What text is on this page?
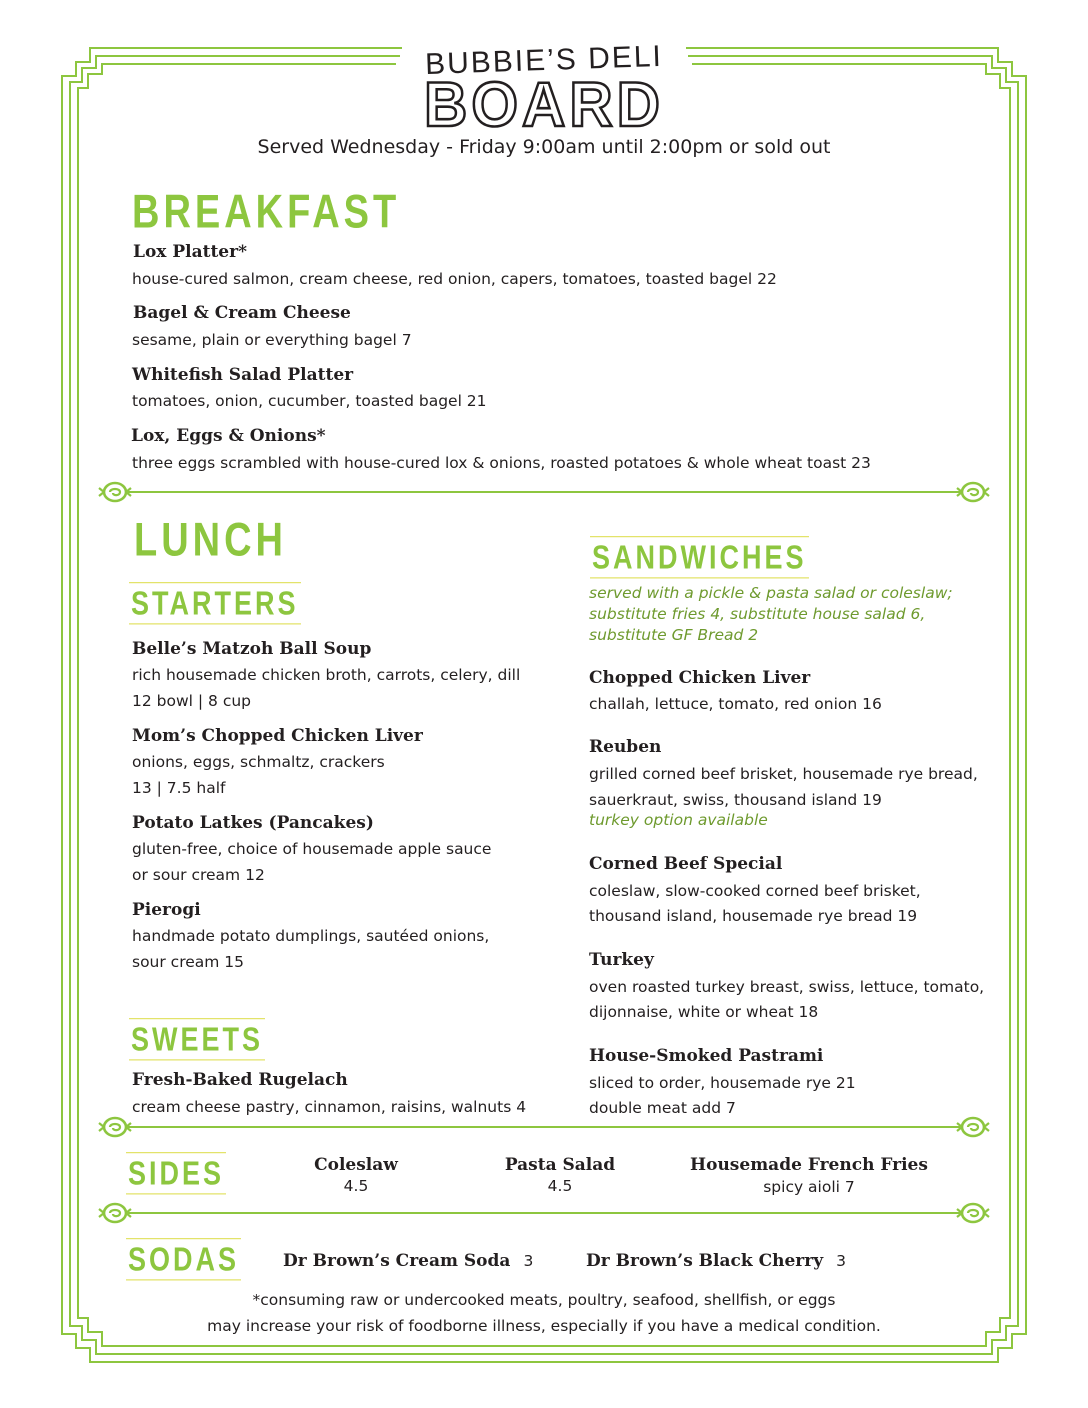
BUBBIE’S DELI
BOARD
Served Wednesday - Friday 9:00am until 2:00pm or sold out
BREAKFAST
Lox Platter*
house-cured salmon, cream cheese, red onion, capers, tomatoes, toasted bagel 22
Bagel & Cream Cheese
sesame, plain or everything bagel 7
Whitefish Salad Platter
tomatoes, onion, cucumber, toasted bagel 21
Lox, Eggs & Onions*
three eggs scrambled with house-cured lox & onions, roasted potatoes & whole wheat toast 23
LUNCH
STARTERS
Belle’s Matzoh Ball Soup
rich housemade chicken broth, carrots, celery, dill
12 bowl | 8 cup
Mom’s Chopped Chicken Liver
onions, eggs, schmaltz, crackers
13 | 7.5 half
Potato Latkes (Pancakes)
gluten-free, choice of housemade apple sauce
or sour cream 12
Pierogi
handmade potato dumplings, sautéed onions,
sour cream 15
SWEETS
Fresh-Baked Rugelach
cream cheese pastry, cinnamon, raisins, walnuts 4
SANDWICHES
served with a pickle & pasta salad or coleslaw;
substitute fries 4, substitute house salad 6,
substitute GF Bread 2
Chopped Chicken Liver
challah, lettuce, tomato, red onion 16
Reuben
grilled corned beef brisket, housemade rye bread,
sauerkraut, swiss, thousand island 19
turkey option available
Corned Beef Special
coleslaw, slow-cooked corned beef brisket,
thousand island, housemade rye bread 19
Turkey
oven roasted turkey breast, swiss, lettuce, tomato,
dijonnaise, white or wheat 18
House-Smoked Pastrami
sliced to order, housemade rye 21
double meat add 7
SIDES	Coleslaw
4.5
Pasta Salad
4.5
Housemade French Fries
spicy aioli 7
SODAS	Dr Brown’s Cream Soda 3	Dr Brown’s Black Cherry 3
*consuming raw or undercooked meats, poultry, seafood, shellfish, or eggs
may increase your risk of foodborne illness, especially if you have a medical condition.
